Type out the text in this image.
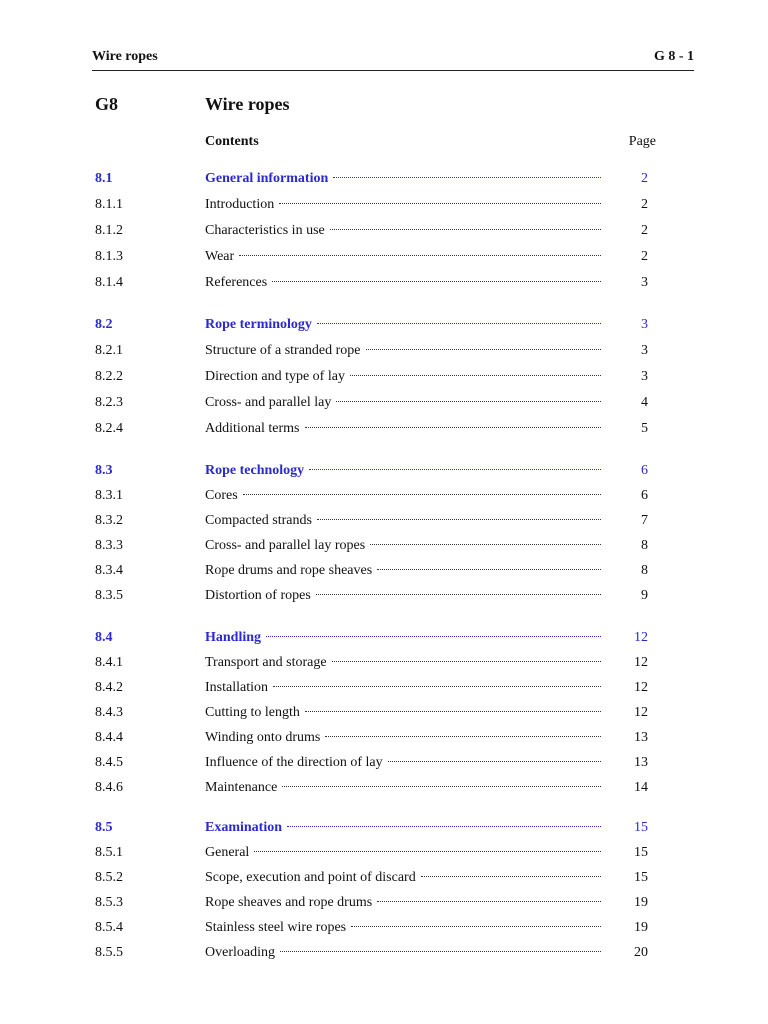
Wire ropes	G 8 - 1
G8	Wire ropes
Contents	Page
8.1	General information	2
8.1.1	Introduction	2
8.1.2	Characteristics in use	2
8.1.3	Wear	2
8.1.4	References	3
8.2	Rope terminology	3
8.2.1	Structure of a stranded rope	3
8.2.2	Direction and type of lay	3
8.2.3	Cross- and parallel lay	4
8.2.4	Additional terms	5
8.3	Rope technology	6
8.3.1	Cores	6
8.3.2	Compacted strands	7
8.3.3	Cross- and parallel lay ropes	8
8.3.4	Rope drums and rope sheaves	8
8.3.5	Distortion of ropes	9
8.4	Handling	12
8.4.1	Transport and storage	12
8.4.2	Installation	12
8.4.3	Cutting to length	12
8.4.4	Winding onto drums	13
8.4.5	Influence of the direction of lay	13
8.4.6	Maintenance	14
8.5	Examination	15
8.5.1	General	15
8.5.2	Scope, execution and point of discard	15
8.5.3	Rope sheaves and rope drums	19
8.5.4	Stainless steel wire ropes	19
8.5.5	Overloading	20
